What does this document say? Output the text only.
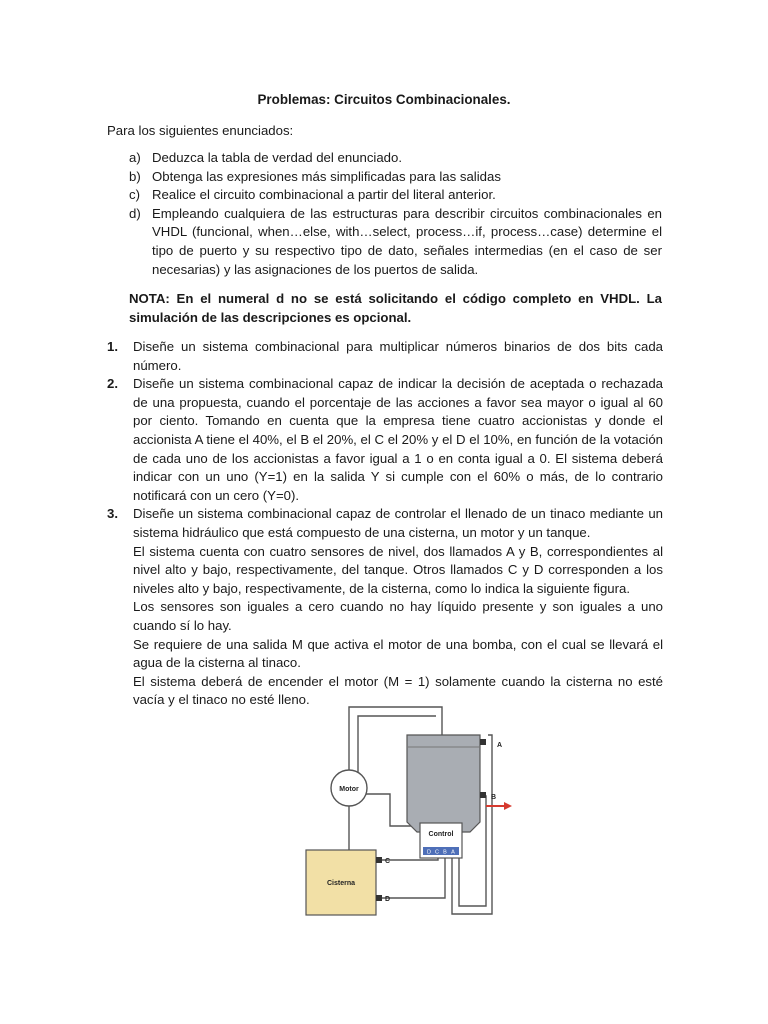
Problemas: Circuitos Combinacionales.
Para los siguientes enunciados:
a) Deduzca la tabla de verdad del enunciado.
b) Obtenga las expresiones más simplificadas para las salidas
c) Realice el circuito combinacional a partir del literal anterior.
d) Empleando cualquiera de las estructuras para describir circuitos combinacionales en VHDL (funcional, when…else, with…select, process…if, process…case) determine el tipo de puerto y su respectivo tipo de dato, señales intermedias (en el caso de ser necesarias) y las asignaciones de los puertos de salida.
NOTA: En el numeral d no se está solicitando el código completo en VHDL. La simulación de las descripciones es opcional.
1. Diseñe un sistema combinacional para multiplicar números binarios de dos bits cada número.

2. Diseñe un sistema combinacional capaz de indicar la decisión de aceptada o rechazada de una propuesta, cuando el porcentaje de las acciones a favor sea mayor o igual al 60 por ciento. Tomando en cuenta que la empresa tiene cuatro accionistas y donde el accionista A tiene el 40%, el B el 20%, el C el 20% y el D el 10%, en función de la votación de cada uno de los accionistas a favor igual a 1 o en conta igual a 0. El sistema deberá indicar con un uno (Y=1) en la salida Y si cumple con el 60% o más, de lo contrario notificará con un cero (Y=0).

3. Diseñe un sistema combinacional capaz de controlar el llenado de un tinaco mediante un sistema hidráulico que está compuesto de una cisterna, un motor y un tanque.

El sistema cuenta con cuatro sensores de nivel, dos llamados A y B, correspondientes al nivel alto y bajo, respectivamente, del tanque. Otros llamados C y D corresponden a los niveles alto y bajo, respectivamente, de la cisterna, como lo indica la siguiente figura.

Los sensores son iguales a cero cuando no hay líquido presente y son iguales a uno cuando sí lo hay.

Se requiere de una salida M que activa el motor de una bomba, con el cual se llevará el agua de la cisterna al tinaco.

El sistema deberá de encender el motor (M = 1) solamente cuando la cisterna no esté vacía y el tinaco no esté lleno.

A
B
Motor
Control
D C B A
Cisterna
C
D
